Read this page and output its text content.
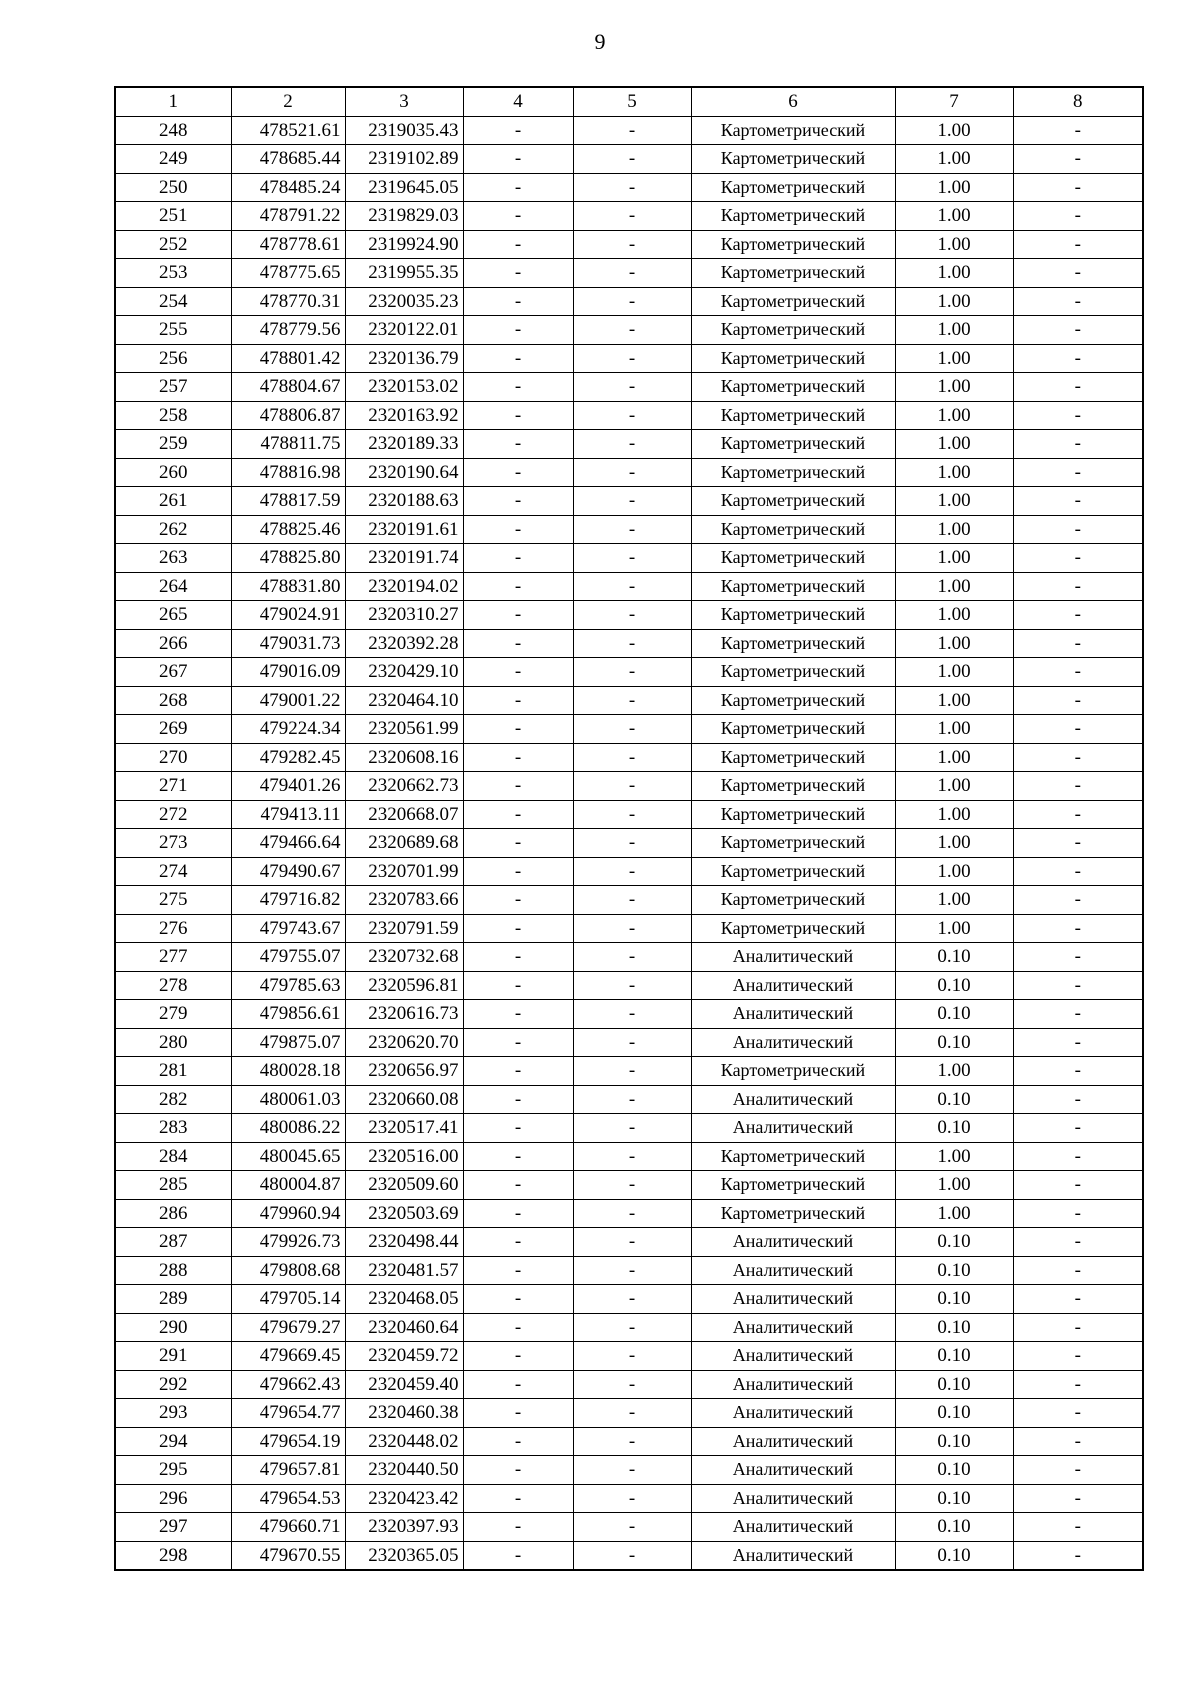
9
1	2	3	4	5	6	7	8
248	478521.61	2319035.43	-	-	Картометрический	1.00	-
249	478685.44	2319102.89	-	-	Картометрический	1.00	-
250	478485.24	2319645.05	-	-	Картометрический	1.00	-
251	478791.22	2319829.03	-	-	Картометрический	1.00	-
252	478778.61	2319924.90	-	-	Картометрический	1.00	-
253	478775.65	2319955.35	-	-	Картометрический	1.00	-
254	478770.31	2320035.23	-	-	Картометрический	1.00	-
255	478779.56	2320122.01	-	-	Картометрический	1.00	-
256	478801.42	2320136.79	-	-	Картометрический	1.00	-
257	478804.67	2320153.02	-	-	Картометрический	1.00	-
258	478806.87	2320163.92	-	-	Картометрический	1.00	-
259	478811.75	2320189.33	-	-	Картометрический	1.00	-
260	478816.98	2320190.64	-	-	Картометрический	1.00	-
261	478817.59	2320188.63	-	-	Картометрический	1.00	-
262	478825.46	2320191.61	-	-	Картометрический	1.00	-
263	478825.80	2320191.74	-	-	Картометрический	1.00	-
264	478831.80	2320194.02	-	-	Картометрический	1.00	-
265	479024.91	2320310.27	-	-	Картометрический	1.00	-
266	479031.73	2320392.28	-	-	Картометрический	1.00	-
267	479016.09	2320429.10	-	-	Картометрический	1.00	-
268	479001.22	2320464.10	-	-	Картометрический	1.00	-
269	479224.34	2320561.99	-	-	Картометрический	1.00	-
270	479282.45	2320608.16	-	-	Картометрический	1.00	-
271	479401.26	2320662.73	-	-	Картометрический	1.00	-
272	479413.11	2320668.07	-	-	Картометрический	1.00	-
273	479466.64	2320689.68	-	-	Картометрический	1.00	-
274	479490.67	2320701.99	-	-	Картометрический	1.00	-
275	479716.82	2320783.66	-	-	Картометрический	1.00	-
276	479743.67	2320791.59	-	-	Картометрический	1.00	-
277	479755.07	2320732.68	-	-	Аналитический	0.10	-
278	479785.63	2320596.81	-	-	Аналитический	0.10	-
279	479856.61	2320616.73	-	-	Аналитический	0.10	-
280	479875.07	2320620.70	-	-	Аналитический	0.10	-
281	480028.18	2320656.97	-	-	Картометрический	1.00	-
282	480061.03	2320660.08	-	-	Аналитический	0.10	-
283	480086.22	2320517.41	-	-	Аналитический	0.10	-
284	480045.65	2320516.00	-	-	Картометрический	1.00	-
285	480004.87	2320509.60	-	-	Картометрический	1.00	-
286	479960.94	2320503.69	-	-	Картометрический	1.00	-
287	479926.73	2320498.44	-	-	Аналитический	0.10	-
288	479808.68	2320481.57	-	-	Аналитический	0.10	-
289	479705.14	2320468.05	-	-	Аналитический	0.10	-
290	479679.27	2320460.64	-	-	Аналитический	0.10	-
291	479669.45	2320459.72	-	-	Аналитический	0.10	-
292	479662.43	2320459.40	-	-	Аналитический	0.10	-
293	479654.77	2320460.38	-	-	Аналитический	0.10	-
294	479654.19	2320448.02	-	-	Аналитический	0.10	-
295	479657.81	2320440.50	-	-	Аналитический	0.10	-
296	479654.53	2320423.42	-	-	Аналитический	0.10	-
297	479660.71	2320397.93	-	-	Аналитический	0.10	-
298	479670.55	2320365.05	-	-	Аналитический	0.10	-
